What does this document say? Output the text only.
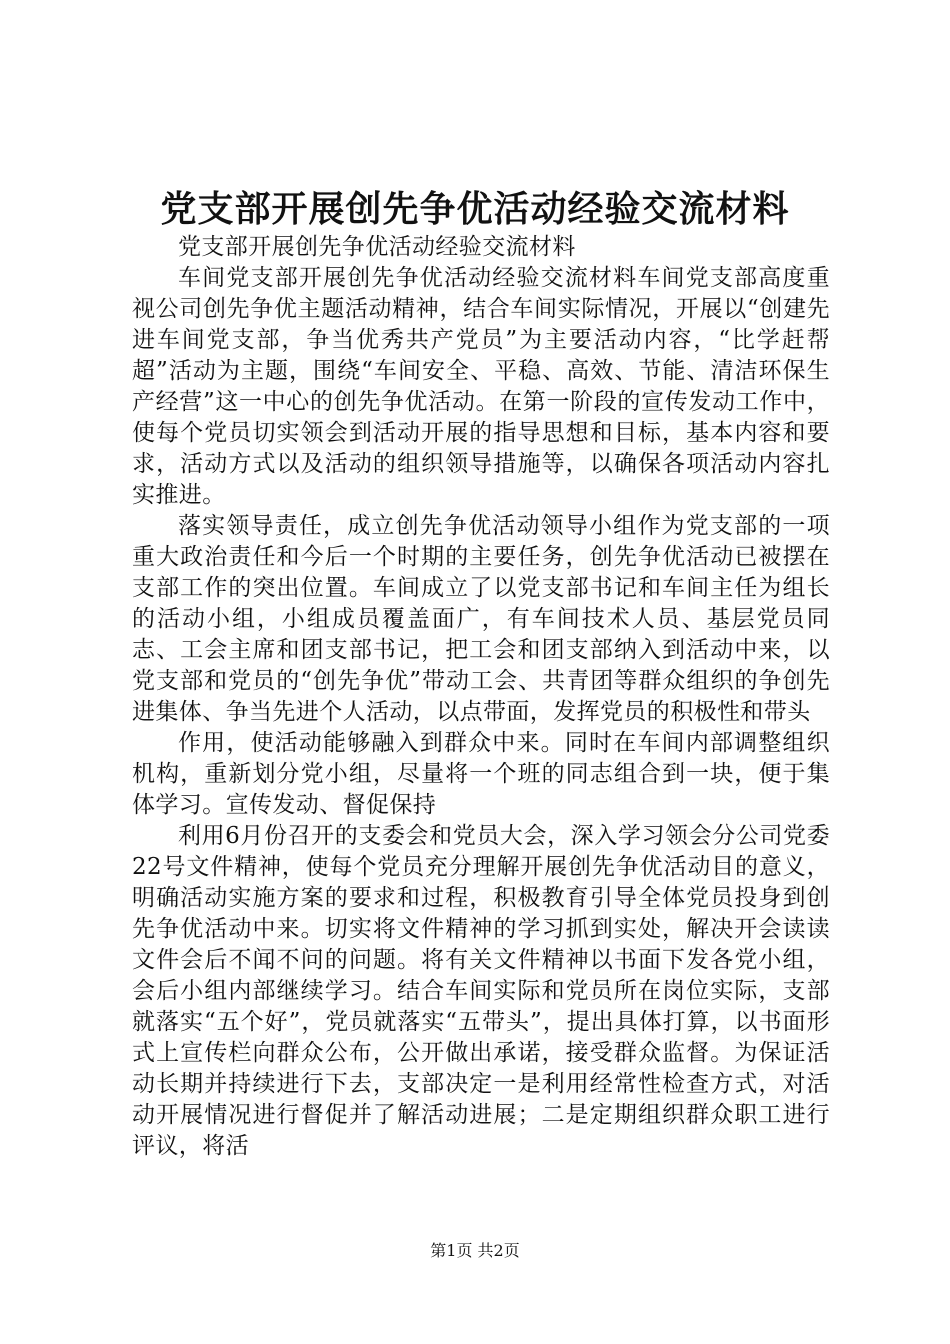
党支部开展创先争优活动经验交流材料

党支部开展创先争优活动经验交流材料

车间党支部开展创先争优活动经验交流材料车间党支部高度重视公司创先争优主题活动精神，结合车间实际情况，开展以“创建先进车间党支部，争当优秀共产党员”为主要活动内容，“比学赶帮超”活动为主题，围绕“车间安全、平稳、高效、节能、清洁环保生产经营”这一中心的创先争优活动。在第一阶段的宣传发动工作中，使每个党员切实领会到活动开展的指导思想和目标，基本内容和要求，活动方式以及活动的组织领导措施等，以确保各项活动内容扎实推进。

落实领导责任，成立创先争优活动领导小组作为党支部的一项重大政治责任和今后一个时期的主要任务，创先争优活动已被摆在支部工作的突出位置。车间成立了以党支部书记和车间主任为组长的活动小组，小组成员覆盖面广，有车间技术人员、基层党员同志、工会主席和团支部书记，把工会和团支部纳入到活动中来，以党支部和党员的“创先争优”带动工会、共青团等群众组织的争创先进集体、争当先进个人活动，以点带面，发挥党员的积极性和带头

作用，使活动能够融入到群众中来。同时在车间内部调整组织机构，重新划分党小组，尽量将一个班的同志组合到一块，便于集体学习。宣传发动、督促保持

利用6月份召开的支委会和党员大会，深入学习领会分公司党委22号文件精神，使每个党员充分理解开展创先争优活动目的意义，明确活动实施方案的要求和过程，积极教育引导全体党员投身到创先争优活动中来。切实将文件精神的学习抓到实处，解决开会读读文件会后不闻不问的问题。将有关文件精神以书面下发各党小组，会后小组内部继续学习。结合车间实际和党员所在岗位实际，支部就落实“五个好”，党员就落实“五带头”，提出具体打算，以书面形式上宣传栏向群众公布，公开做出承诺，接受群众监督。为保证活动长期并持续进行下去，支部决定一是利用经常性检查方式，对活动开展情况进行督促并了解活动进展；二是定期组织群众职工进行评议，将活

第1页 共2页
